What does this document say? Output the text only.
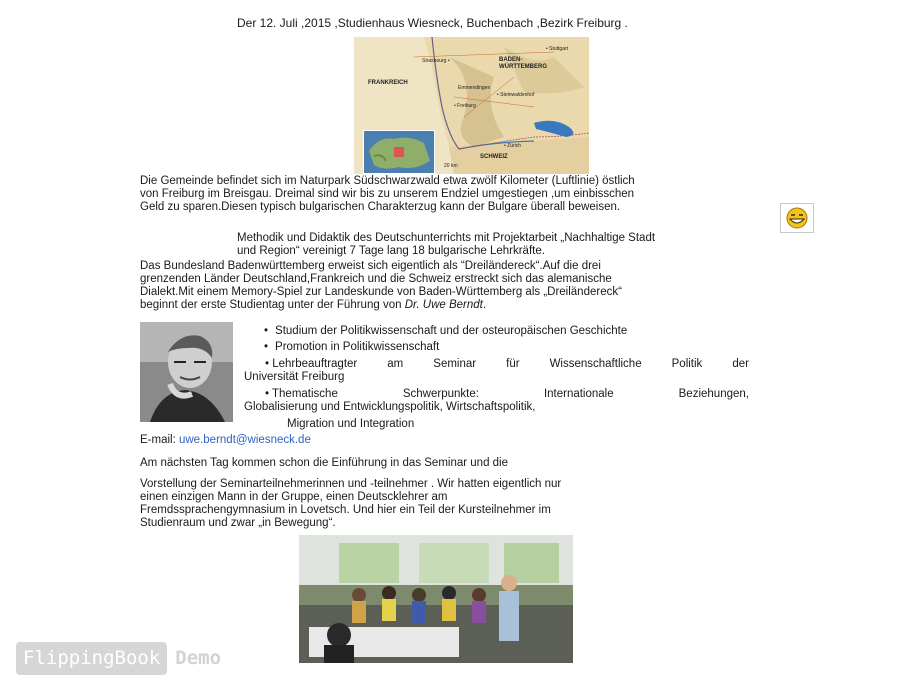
Der 12. Juli ,2015 ,Studienhaus Wiesneck, Buchenbach ,Bezirk Freiburg .
FRANKREICH
BADEN-
WÜRTTEMBERG
• Stuttgart
Strasbourg •
Emmendingen
• Steinwaldenhof
• Freiburg
• Zürich
SCHWEIZ
20 km
Die Gemeinde befindet sich im Naturpark Südschwarzwald etwa zwölf Kilometer (Luftlinie) östlich
von Freiburg im Breisgau. Dreimal sind wir bis zu unserem Endziel umgestiegen ,um einbisschen
Geld zu sparen.Diesen typisch bulgarischen Charakterzug kann der Bulgare überall beweisen.
Methodik und Didaktik des Deutschunterrichts mit Projektarbeit „Nachhaltige Stadt
und Region“ vereinigt 7 Tage lang 18 bulgarische Lehrkräfte.
Das Bundesland Badenwürttemberg erweist sich eigentlich als “Dreiländereck“.Auf die drei
grenzenden Länder Deutschland,Frankreich und die Schweiz erstreckt sich das alemanische
Dialekt.Mit einem Memory-Spiel zur Landeskunde von Baden-Württemberg als „Dreiländereck“
beginnt der erste Studientag unter der Führung von Dr. Uwe Berndt.
• Studium der Politikwissenschaft und der osteuropäischen Geschichte
• Promotion in Politikwissenschaft
• Lehrbeauftragter	am	Seminar	für	Wissenschaftliche	Politik	der
Universität Freiburg
• Thematische	Schwerpunkte:	Internationale	Beziehungen,
Globalisierung und Entwicklungspolitik, Wirtschaftspolitik,
Migration und Integration
E-mail: uwe.berndt@wiesneck.de
Am nächsten Tag kommen schon die Einführung in das Seminar und die
Vorstellung der Seminarteilnehmerinnen und -teilnehmer . Wir hatten eigentlich nur
einen einzigen Mann in der Gruppe, einen Deutscklehrer am
Fremdssprachengymnasium in Lovetsch. Und hier ein Teil der Kursteilnehmer im
Studienraum und zwar „in Bewegung“.
FlippingBook Demo
